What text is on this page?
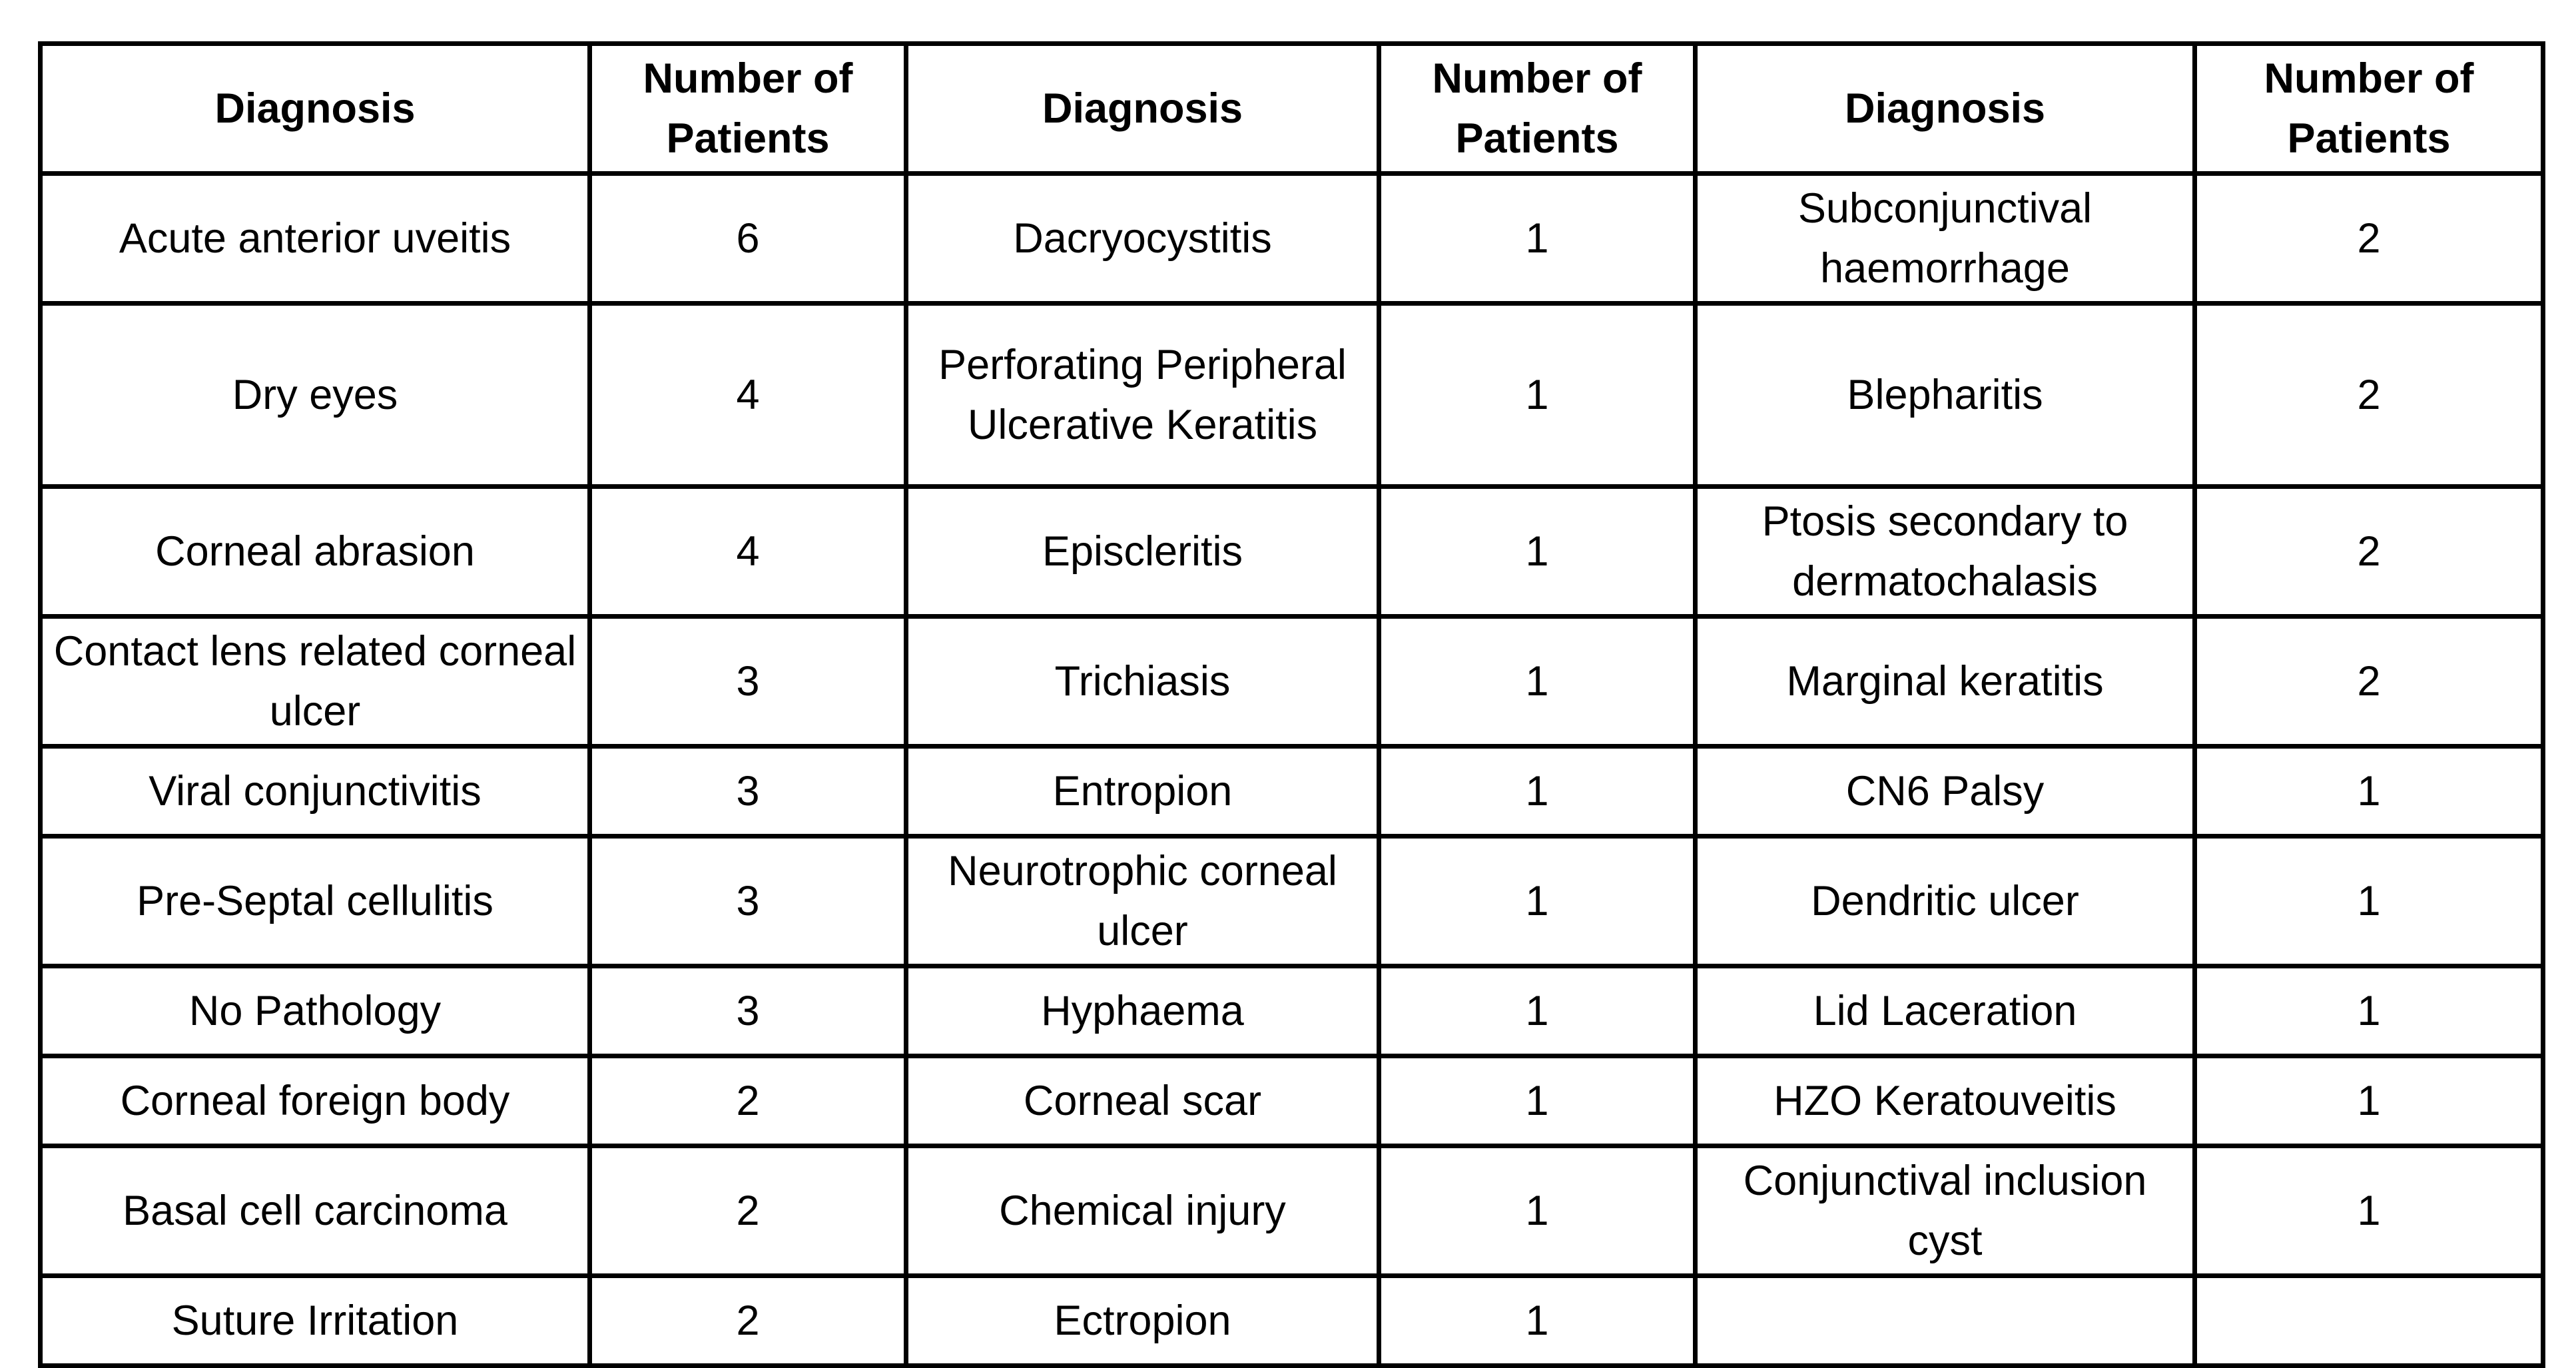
Diagnosis	Number of Patients	Diagnosis	Number of Patients	Diagnosis	Number of Patients
Acute anterior uveitis	6	Dacryocystitis	1	Subconjunctival haemorrhage	2
Dry eyes	4	Perforating Peripheral Ulcerative Keratitis	1	Blepharitis	2
Corneal abrasion	4	Episcleritis	1	Ptosis secondary to dermatochalasis	2
Contact lens related corneal ulcer	3	Trichiasis	1	Marginal keratitis	2
Viral conjunctivitis	3	Entropion	1	CN6 Palsy	1
Pre-Septal cellulitis	3	Neurotrophic corneal ulcer	1	Dendritic ulcer	1
No Pathology	3	Hyphaema	1	Lid Laceration	1
Corneal foreign body	2	Corneal scar	1	HZO Keratouveitis	1
Basal cell carcinoma	2	Chemical injury	1	Conjunctival inclusion cyst	1
Suture Irritation	2	Ectropion	1		
